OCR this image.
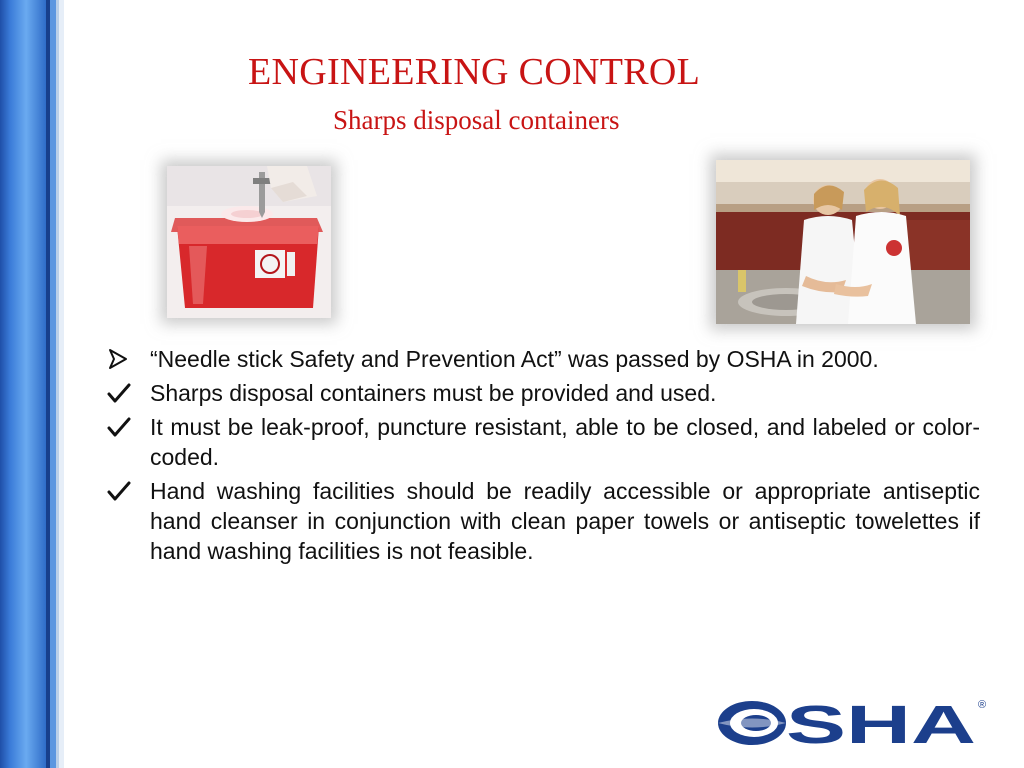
ENGINEERING CONTROL
Sharps disposal containers
“Needle stick Safety and Prevention Act” was passed by OSHA in 2000.
Sharps disposal containers must be provided and used.
It must be leak-proof, puncture resistant, able to be closed, and labeled or color-coded.
Hand washing facilities should be readily accessible or appropriate antiseptic hand cleanser in conjunction with clean paper towels or antiseptic towelettes if hand washing facilities is not feasible.
SHA ®
